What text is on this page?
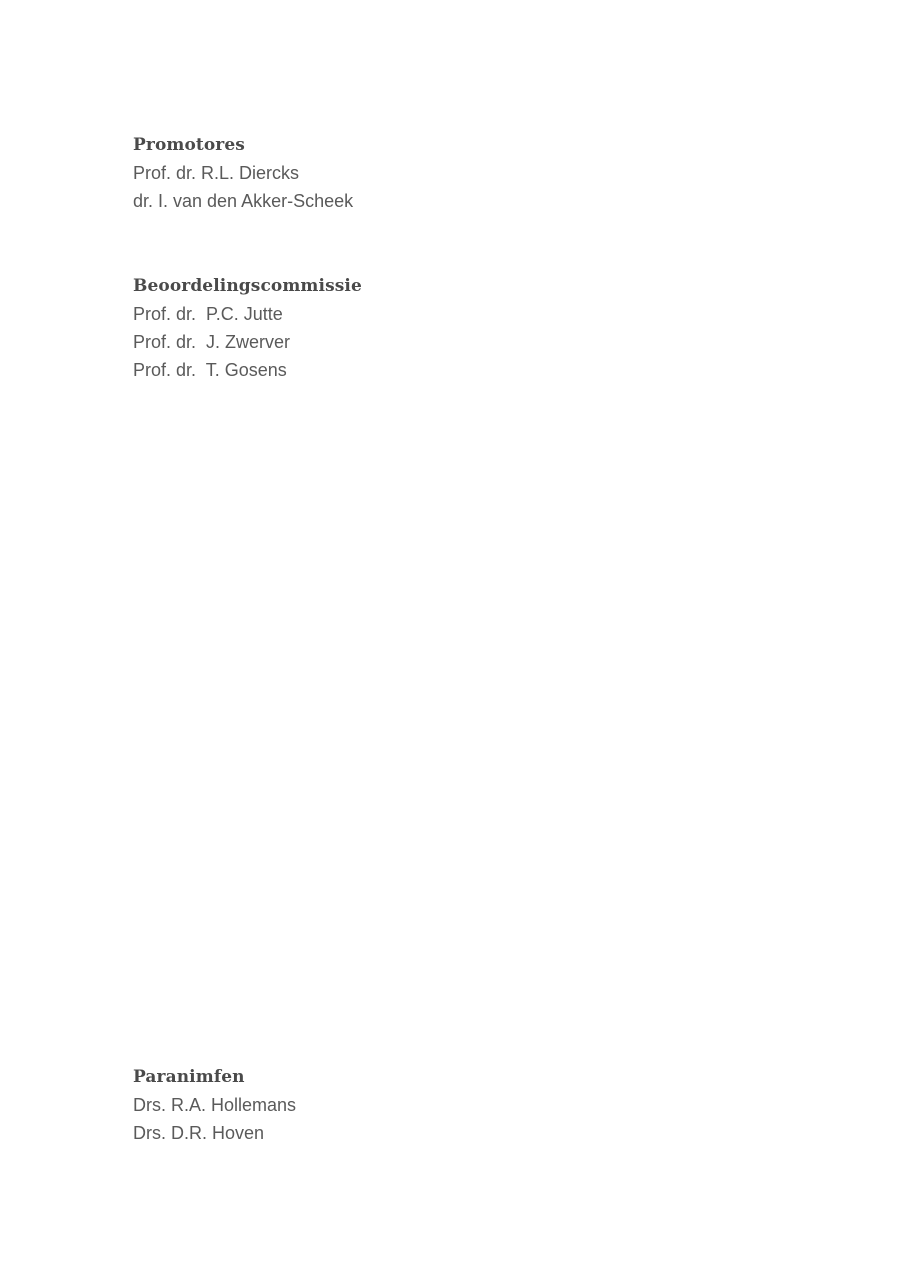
Promotores

Prof. dr. R.L. Diercks

dr. I. van den Akker-Scheek

Beoordelingscommissie

Prof. dr.  P.C. Jutte

Prof. dr.  J. Zwerver

Prof. dr.  T. Gosens

Paranimfen

Drs. R.A. Hollemans

Drs. D.R. Hoven
